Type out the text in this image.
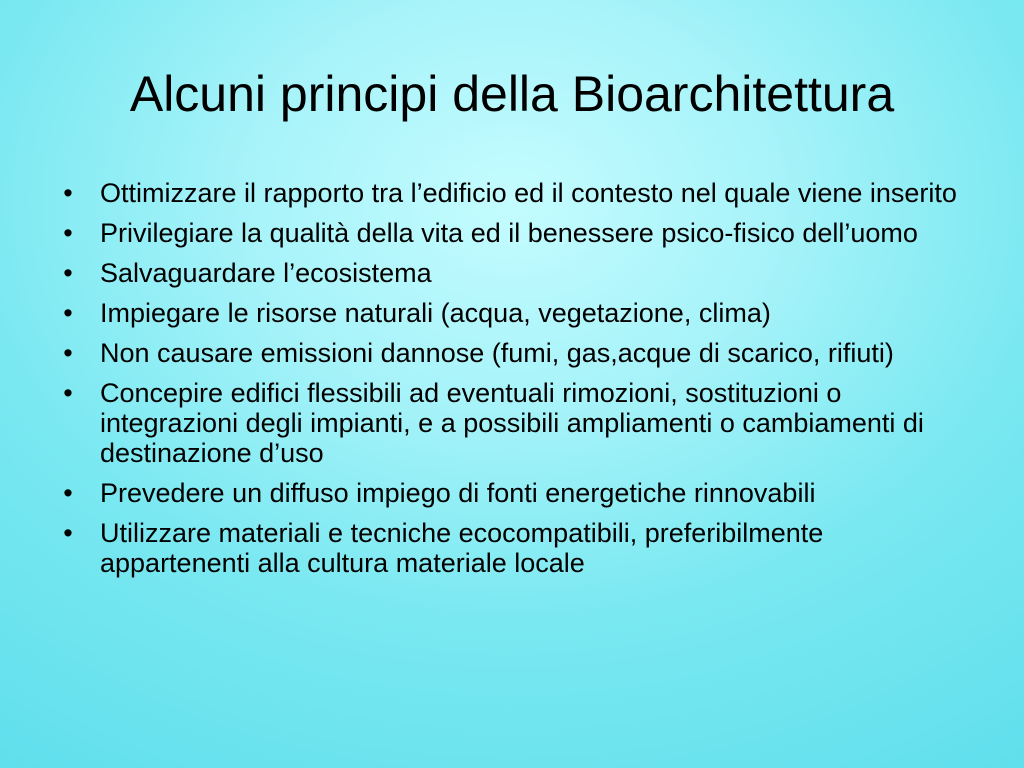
Alcuni principi della Bioarchitettura
• Ottimizzare il rapporto tra l’edificio ed il contesto nel quale viene inserito
• Privilegiare la qualità della vita ed il benessere psico-fisico dell’uomo
• Salvaguardare l’ecosistema
• Impiegare le risorse naturali (acqua, vegetazione, clima)
• Non causare emissioni dannose (fumi, gas,acque di scarico, rifiuti)
• Concepire edifici flessibili ad eventuali rimozioni, sostituzioni o integrazioni degli impianti, e a possibili ampliamenti o cambiamenti di destinazione d’uso
• Prevedere un diffuso impiego di fonti energetiche rinnovabili
• Utilizzare materiali e tecniche ecocompatibili, preferibilmente appartenenti alla cultura materiale locale
